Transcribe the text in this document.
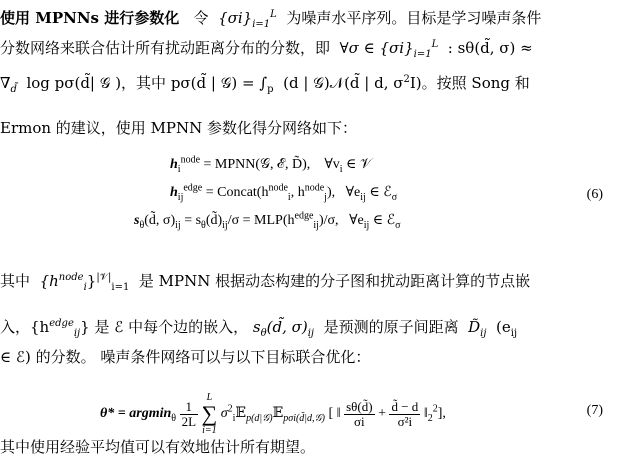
使用 MPNNs 进行参数化 令 $\{\sigma i\}_{i=1}^L$ 为噪声水平序列。目标是学习噪声条件
分数网络来联合估计所有扰动距离分布的分数，即 ∀σ ∈ $\{\sigma i\}_{i=1}^L$ : sθ(d̃, σ) ≈
$\nabla_{d̃}$ log pσ(d̃| 𝒢 )，其中 pσ(d̃ | 𝒢) = $\int_p$ (d | 𝒢)𝒩(d̃ | d, $\sigma^2I$)。按照 Song 和
Ermon 的建议，使用 MPNN 参数化得分网络如下：
$h_i^{node}$ = MPNN(𝒢, ℰ, D̃), $\forall v_i$ ∈ 𝒱
$h_{ij}^{edge}$ = $Concat(h^{node}_i$, $h^{node}_j$), $\forall e_{ij}$ ∈ ℰ$_\sigma$	(6)
$s_\theta(d̃$, $\sigma)_{ij}$ = $s_\theta(d̃)_{ij}/\sigma = MLP(h^{edge}_{ij})/\sigma$, $\forall e_{ij}$ ∈ ℰ$_\sigma$
其中 $\{h^{node}_i\}^{|𝒱|}_{i=1}$ 是 MPNN 根据动态构建的分子图和扰动距离计算的节点嵌
入，$\{h^{edge}_{ij}\}$ 是 ℰ 中每个边的嵌入， $s_\theta(d̃$, $\sigma)_{ij}$ 是预测的原子间距离 $D̃_{ij}$ ($e_{ij}$
∈ ℰ) 的分数。 噪声条件网络可以与以下目标联合优化：
$\theta* = argmin_\theta \frac{1}{2L}$

L
∑
i=1
$\sigma^2_i𝔼_{p(d|𝒢)}𝔼_{p\sigma i(d̃|d,𝒢)}$ [ ‖ $\frac{s\theta(d̃)}{\sigma i} + \frac{d̃ - d}{\text{σ²i}}$ $‖_2^2$],	(7)
其中使用经验平均值可以有效地估计所有期望。
